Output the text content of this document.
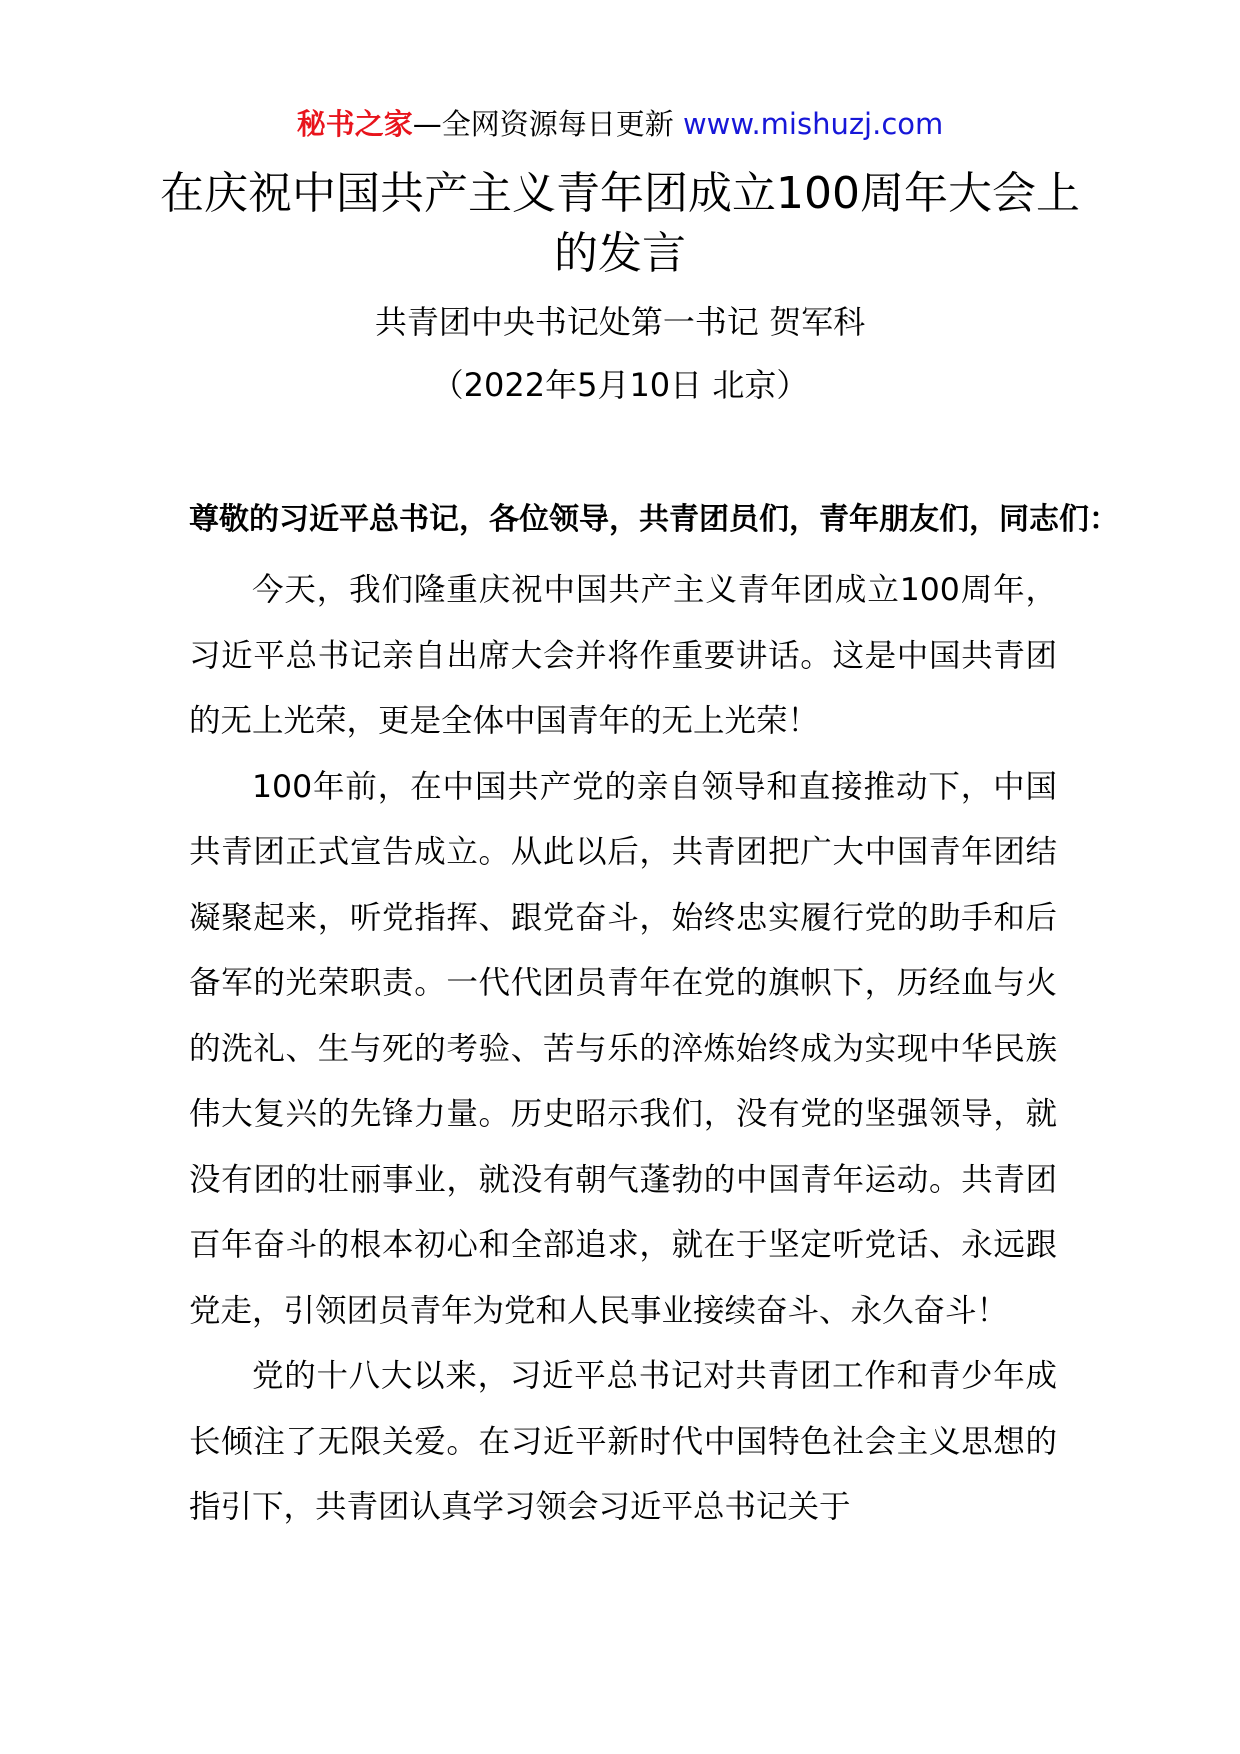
秘书之家—全网资源每日更新 www.mishuzj.com
在庆祝中国共产主义青年团成立100周年大会上的发言
共青团中央书记处第一书记 贺军科
（2022年5月10日 北京）
尊敬的习近平总书记，各位领导，共青团员们，青年朋友们，同志们：

今天，我们隆重庆祝中国共产主义青年团成立100周年，习近平总书记亲自出席大会并将作重要讲话。这是中国共青团的无上光荣，更是全体中国青年的无上光荣！

100年前，在中国共产党的亲自领导和直接推动下，中国共青团正式宣告成立。从此以后，共青团把广大中国青年团结凝聚起来，听党指挥、跟党奋斗，始终忠实履行党的助手和后备军的光荣职责。一代代团员青年在党的旗帜下，历经血与火的洗礼、生与死的考验、苦与乐的淬炼始终成为实现中华民族伟大复兴的先锋力量。历史昭示我们，没有党的坚强领导，就没有团的壮丽事业，就没有朝气蓬勃的中国青年运动。共青团百年奋斗的根本初心和全部追求，就在于坚定听党话、永远跟党走，引领团员青年为党和人民事业接续奋斗、永久奋斗！

党的十八大以来，习近平总书记对共青团工作和青少年成长倾注了无限关爱。在习近平新时代中国特色社会主义思想的指引下，共青团认真学习领会习近平总书记关于
